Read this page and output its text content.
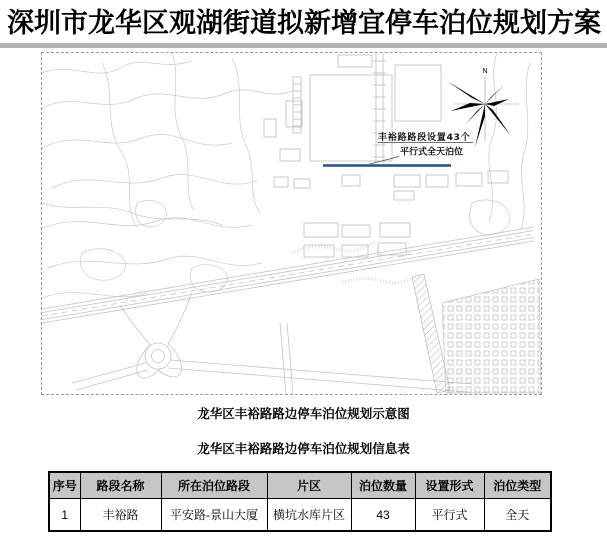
深圳市龙华区观湖街道拟新增宜停车泊位规划方案
N
丰裕路路段设置43个
平行式全天泊位
龙华区丰裕路路边停车泊位规划示意图
龙华区丰裕路路边停车泊位规划信息表
序号	路段名称	所在泊位路段	片区	泊位数量	设置形式	泊位类型
1	丰裕路	平安路-景山大厦	横坑水库片区	43	平行式	全天
